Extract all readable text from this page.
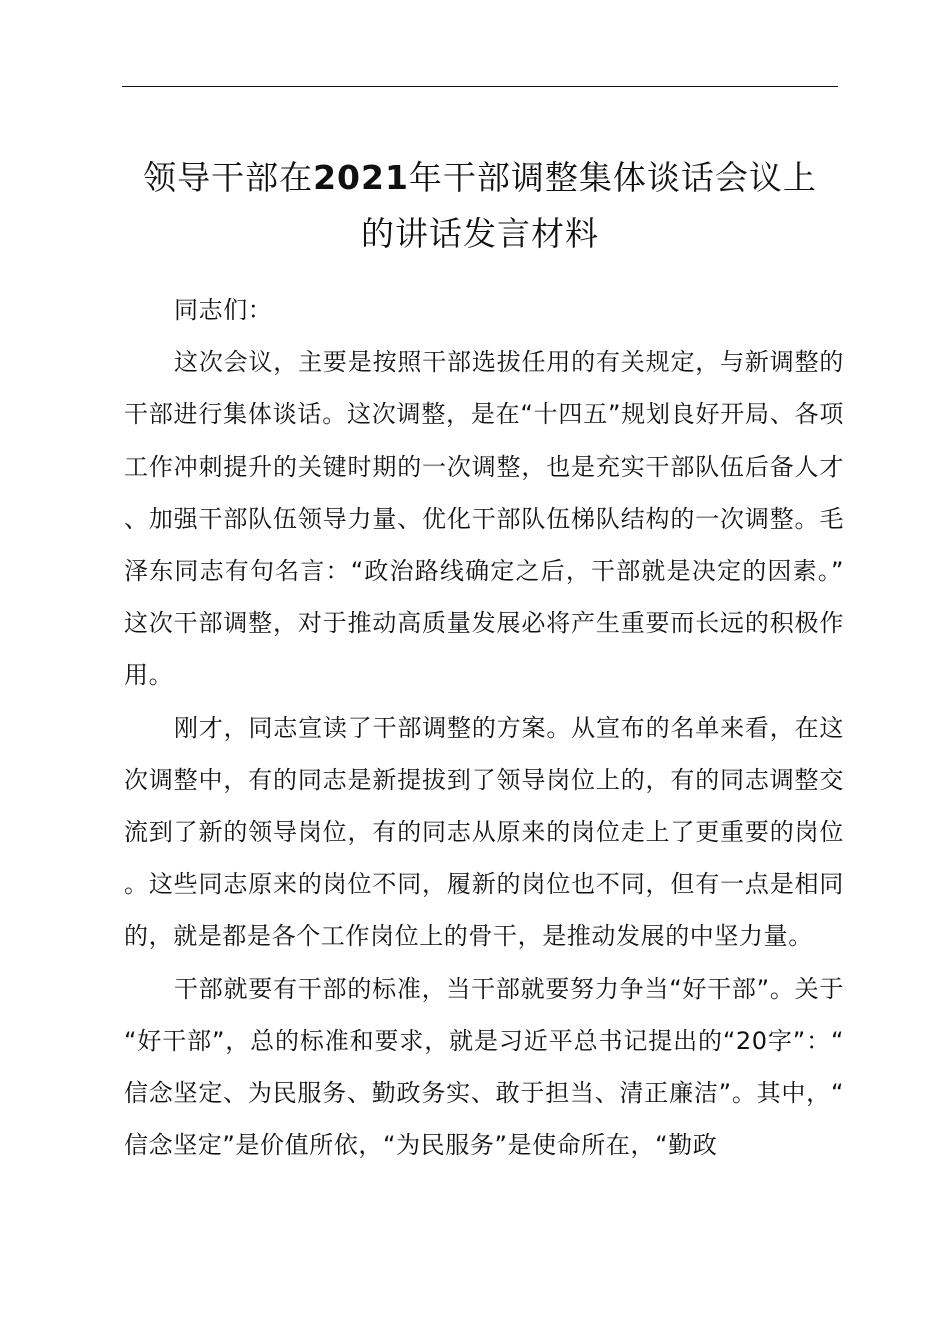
领导干部在2021年干部调整集体谈话会议上
的讲话发言材料

同志们：

这次会议，主要是按照干部选拔任用的有关规定，与新调整的干部进行集体谈话。这次调整，是在“十四五”规划良好开局、各项工作冲刺提升的关键时期的一次调整，也是充实干部队伍后备人才、加强干部队伍领导力量、优化干部队伍梯队结构的一次调整。毛泽东同志有句名言：“政治路线确定之后，干部就是决定的因素。”这次干部调整，对于推动高质量发展必将产生重要而长远的积极作用。

刚才，同志宣读了干部调整的方案。从宣布的名单来看，在这次调整中，有的同志是新提拔到了领导岗位上的，有的同志调整交流到了新的领导岗位，有的同志从原来的岗位走上了更重要的岗位。这些同志原来的岗位不同，履新的岗位也不同，但有一点是相同的，就是都是各个工作岗位上的骨干，是推动发展的中坚力量。

干部就要有干部的标准，当干部就要努力争当“好干部”。关于“好干部”，总的标准和要求，就是习近平总书记提出的“20字”：“信念坚定、为民服务、勤政务实、敢于担当、清正廉洁”。其中，“信念坚定”是价值所依，“为民服务”是使命所在，“勤政
